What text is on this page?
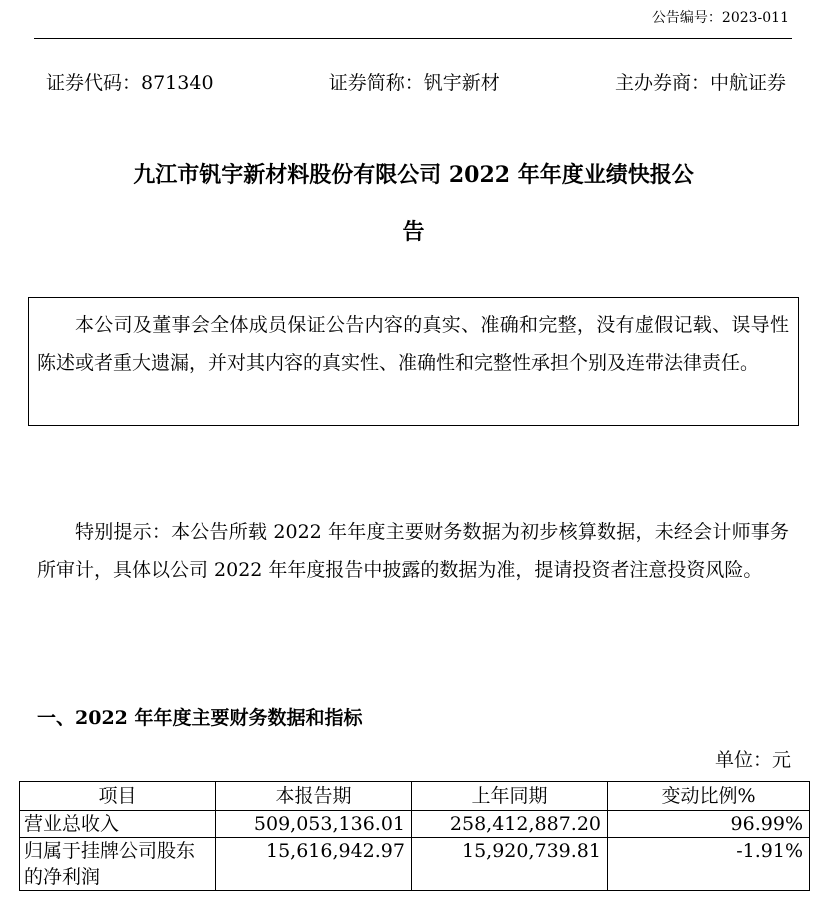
公告编号：2023-011
证券代码：871340	证券简称：钒宇新材	主办券商：中航证券
九江市钒宇新材料股份有限公司 2022 年年度业绩快报公
告
本公司及董事会全体成员保证公告内容的真实、准确和完整，没有虚假记载、误导性陈述或者重大遗漏，并对其内容的真实性、准确性和完整性承担个别及连带法律责任。
特别提示：本公告所载 2022 年年度主要财务数据为初步核算数据，未经会计师事务所审计，具体以公司 2022 年年度报告中披露的数据为准，提请投资者注意投资风险。
一、2022 年年度主要财务数据和指标
单位：元
项目	本报告期	上年同期	变动比例%
营业总收入	509,053,136.01	258,412,887.20	96.99%
归属于挂牌公司股东的净利润	15,616,942.97	15,920,739.81	-1.91%
